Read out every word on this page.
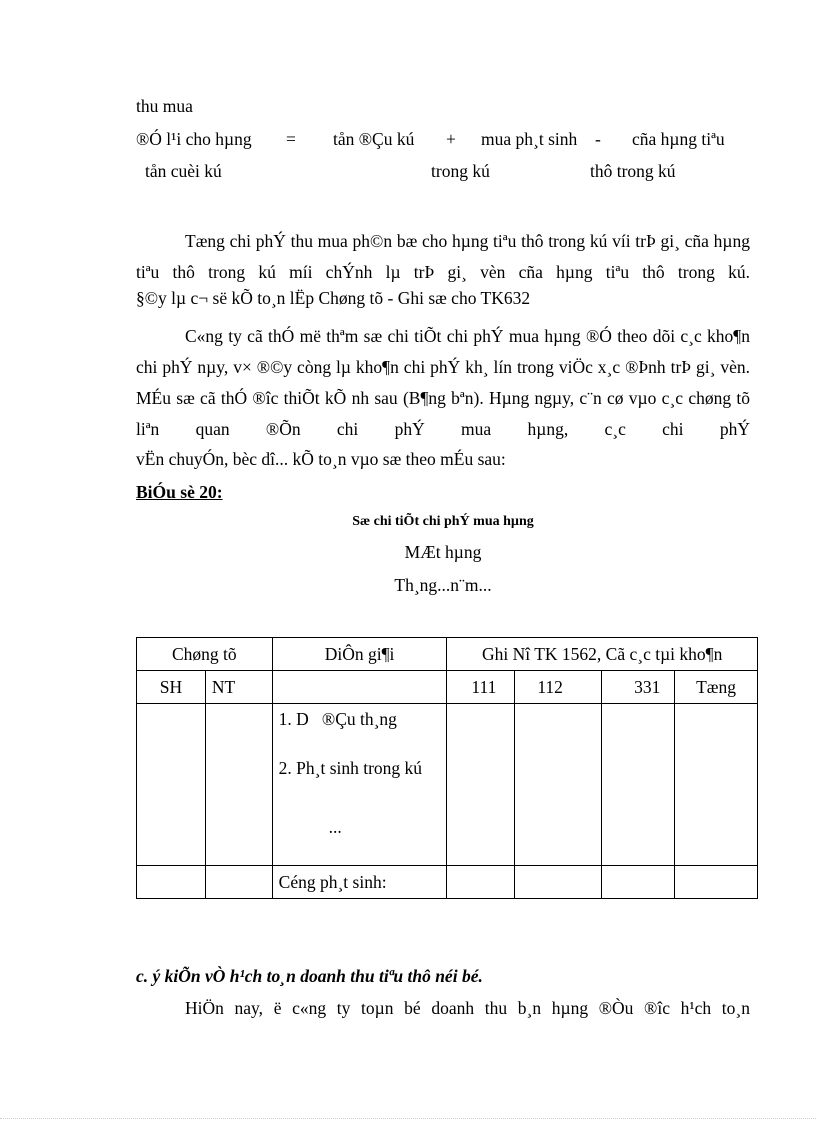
thu mua
®Ó l¹i cho hµng = tån ®Çu kú + mua ph¸t sinh - cña hµng tiªu
tån cuèi kú	trong kú	thô trong kú
Tæng chi phÝ thu mua ph©n bæ cho hµng tiªu thô trong kú víi trÞ gi¸ cña hµng tiªu thô trong kú míi chÝnh lµ trÞ gi¸ vèn cña hµng tiªu thô trong kú.
§©y lµ c¬ së kÕ to¸n lËp Chøng tõ - Ghi sæ cho TK632
C«ng ty cã thÓ më thªm sæ chi tiÕt chi phÝ mua hµng ®Ó theo dõi c¸c kho¶n chi phÝ nµy, v× ®©y còng lµ kho¶n chi phÝ kh¸ lín trong viÖc x¸c ®Þnh trÞ gi¸ vèn. MÉu sæ cã thÓ ®îc thiÕt kÕ nh sau (B¶ng bªn). Hµng ngµy, c¨n cø vµo c¸c chøng tõ liªn quan ®Õn chi phÝ mua hµng, c¸c chi phÝ
vËn chuyÓn, bèc dî... kÕ to¸n vµo sæ theo mÉu sau:
BiÓu sè 20:
Sæ chi tiÕt chi phÝ mua hµng
MÆt hµng
Th¸ng...n¨m...
Chøng tõ		DiÔn gi¶i	Ghi Nî TK 1562, Cã c¸c tµi kho¶n			
SH	NT		111	112	331	Tæng

		1. D   ®Çu th¸ng
2. Ph¸t sinh trong kú
...				

		Céng ph¸t sinh:				
c. ý kiÕn vÒ h¹ch to¸n doanh thu tiªu thô néi bé.
HiÖn nay, ë c«ng ty toµn bé doanh thu b¸n hµng ®Òu ®îc h¹ch to¸n
